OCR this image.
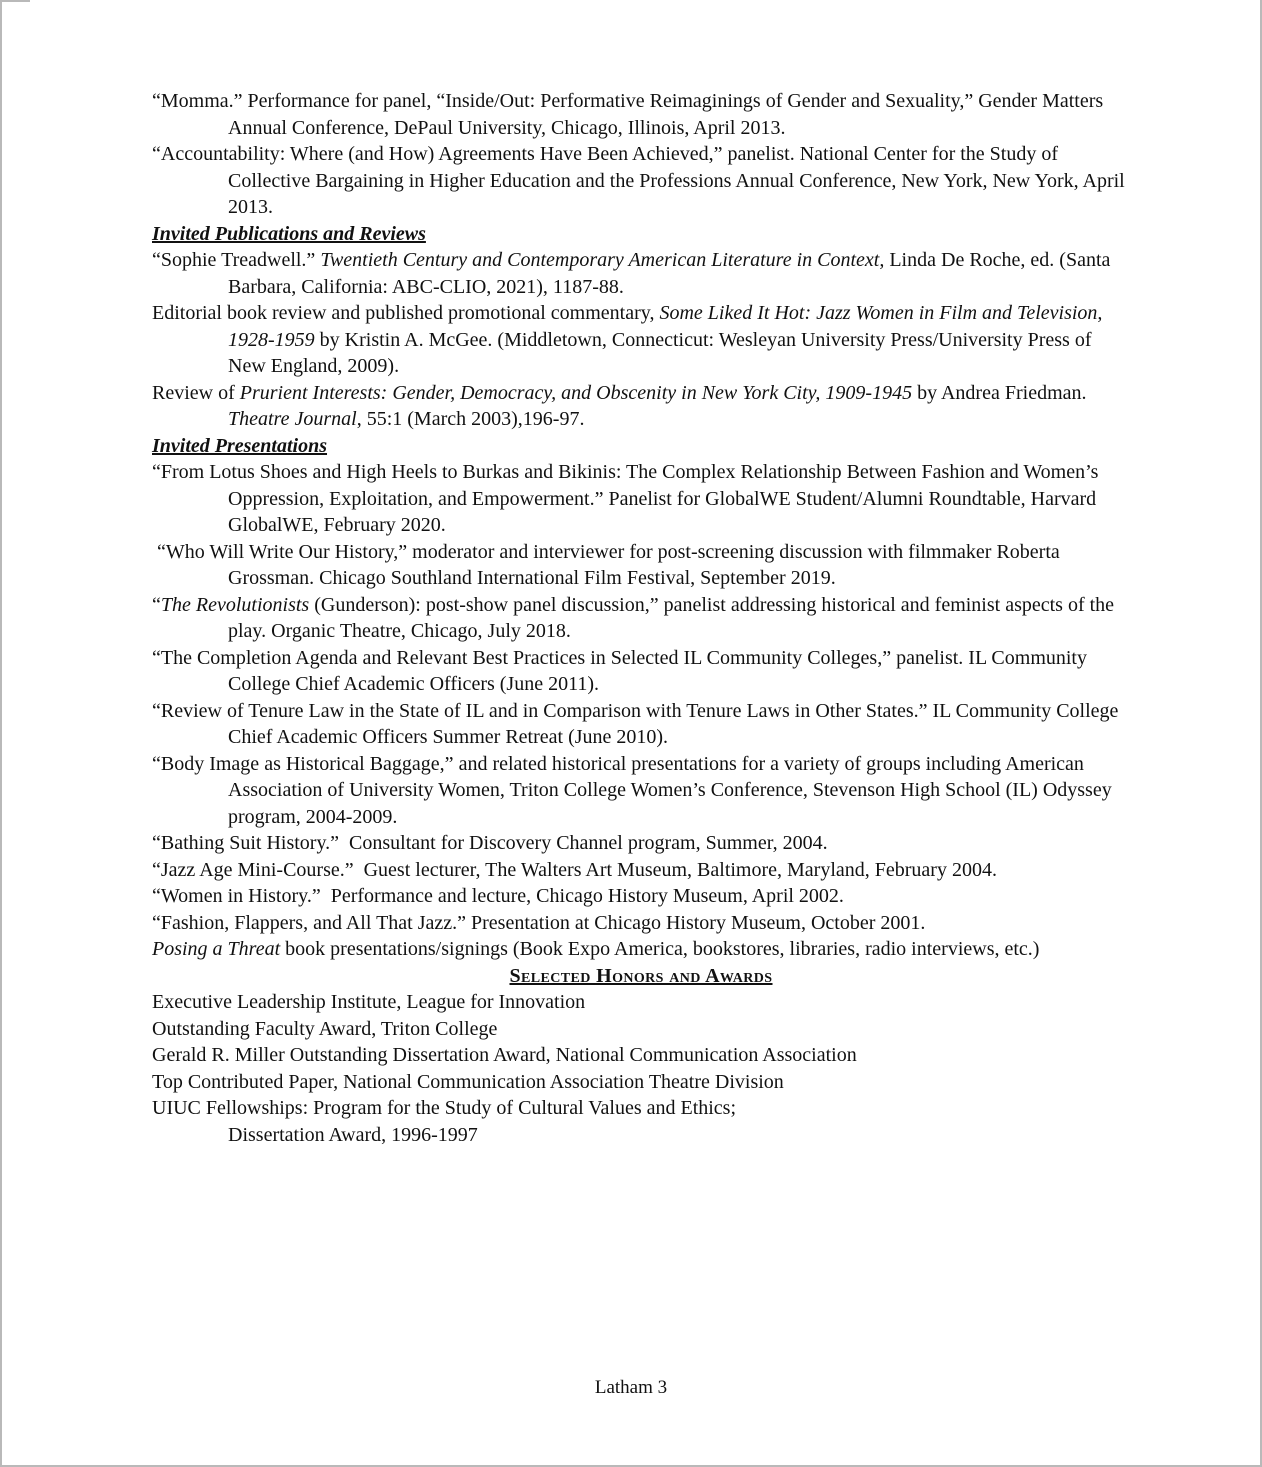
“Momma.” Performance for panel, “Inside/Out: Performative Reimaginings of Gender and Sexuality,” Gender Matters Annual Conference, DePaul University, Chicago, Illinois, April 2013.

“Accountability: Where (and How) Agreements Have Been Achieved,” panelist. National Center for the Study of Collective Bargaining in Higher Education and the Professions Annual Conference, New York, New York, April 2013.

Invited Publications and Reviews

“Sophie Treadwell.” Twentieth Century and Contemporary American Literature in Context, Linda De Roche, ed. (Santa Barbara, California: ABC-CLIO, 2021), 1187-88.

Editorial book review and published promotional commentary, Some Liked It Hot: Jazz Women in Film and Television, 1928-1959 by Kristin A. McGee. (Middletown, Connecticut: Wesleyan University Press/University Press of New England, 2009).

Review of Prurient Interests: Gender, Democracy, and Obscenity in New York City, 1909-1945 by Andrea Friedman. Theatre Journal, 55:1 (March 2003),196-97.

Invited Presentations

“From Lotus Shoes and High Heels to Burkas and Bikinis: The Complex Relationship Between Fashion and Women’s Oppression, Exploitation, and Empowerment.” Panelist for GlobalWE Student/Alumni Roundtable, Harvard GlobalWE, February 2020.

“Who Will Write Our History,” moderator and interviewer for post-screening discussion with filmmaker Roberta Grossman. Chicago Southland International Film Festival, September 2019.

“The Revolutionists (Gunderson): post-show panel discussion,” panelist addressing historical and feminist aspects of the play. Organic Theatre, Chicago, July 2018.

“The Completion Agenda and Relevant Best Practices in Selected IL Community Colleges,” panelist. IL Community College Chief Academic Officers (June 2011).

“Review of Tenure Law in the State of IL and in Comparison with Tenure Laws in Other States.” IL Community College Chief Academic Officers Summer Retreat (June 2010).

“Body Image as Historical Baggage,” and related historical presentations for a variety of groups including American Association of University Women, Triton College Women’s Conference, Stevenson High School (IL) Odyssey program, 2004-2009.

“Bathing Suit History.”  Consultant for Discovery Channel program, Summer, 2004.

“Jazz Age Mini-Course.”  Guest lecturer, The Walters Art Museum, Baltimore, Maryland, February 2004.

“Women in History.”  Performance and lecture, Chicago History Museum, April 2002.

“Fashion, Flappers, and All That Jazz.” Presentation at Chicago History Museum, October 2001.

Posing a Threat book presentations/signings (Book Expo America, bookstores, libraries, radio interviews, etc.)

Selected Honors and Awards

Executive Leadership Institute, League for Innovation

Outstanding Faculty Award, Triton College

Gerald R. Miller Outstanding Dissertation Award, National Communication Association

Top Contributed Paper, National Communication Association Theatre Division

UIUC Fellowships: Program for the Study of Cultural Values and Ethics;
Dissertation Award, 1996-1997

Latham 3
